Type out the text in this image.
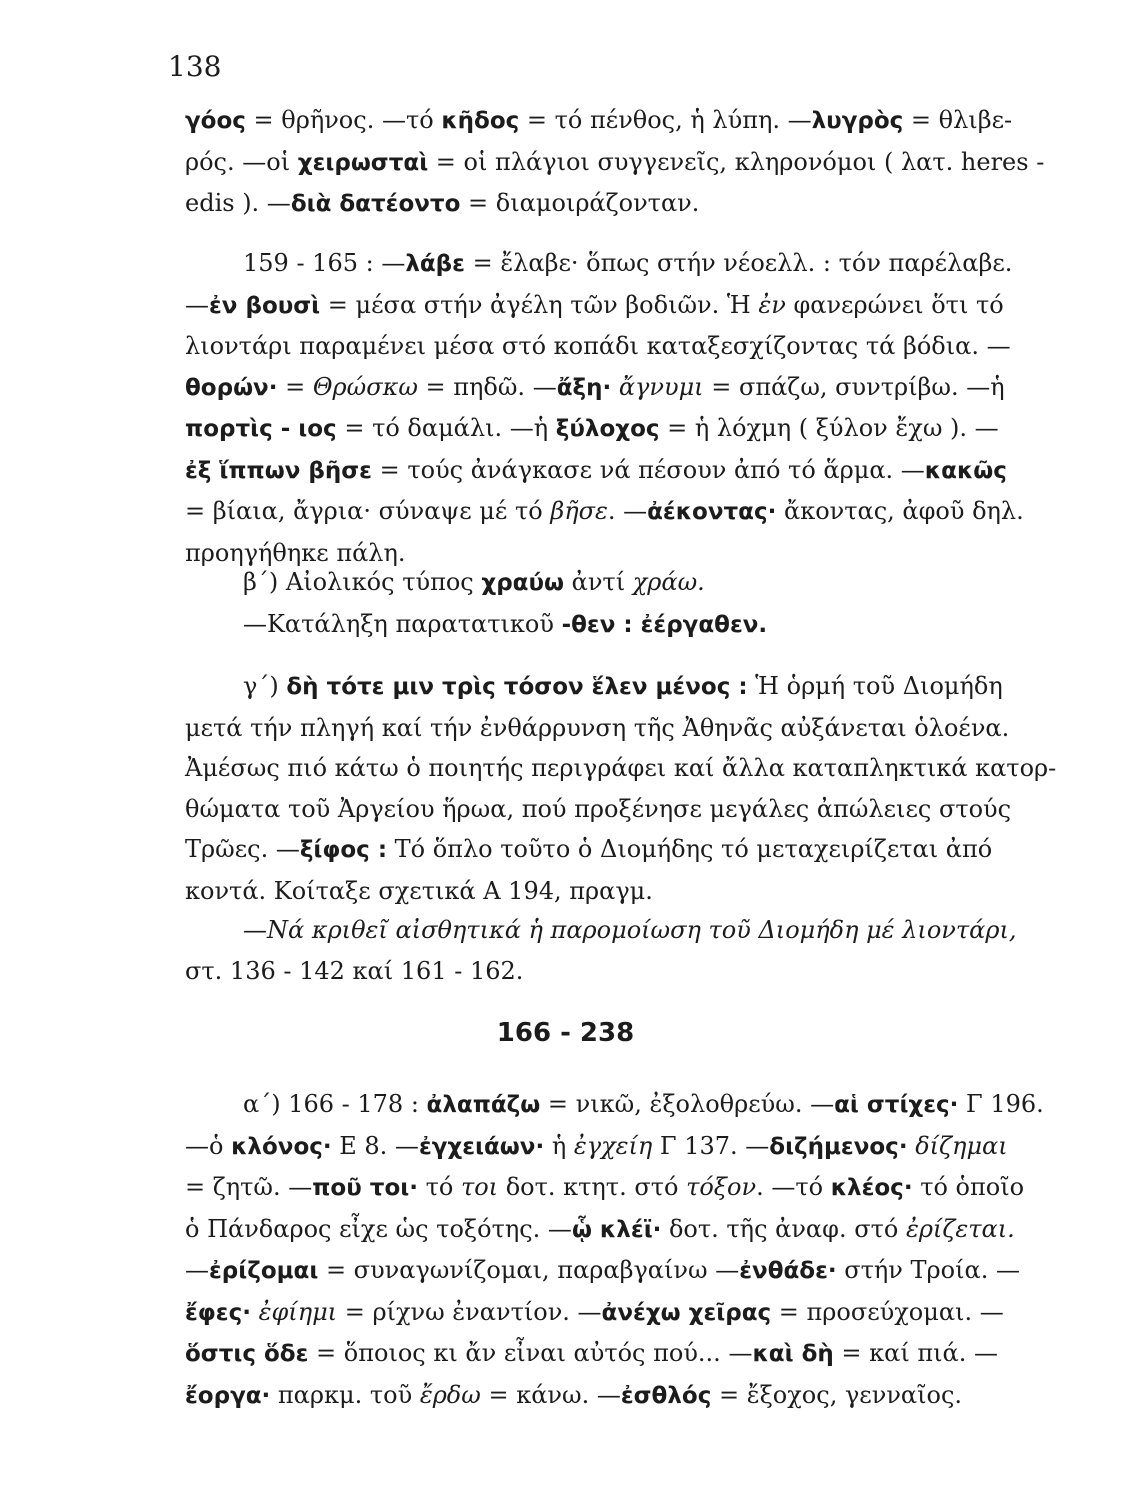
138
γόος = θρῆνος. —τό κῆδος = τό πένθος, ἡ λύπη. —λυγρὸς = θλιβε-
ρός. —οἱ χειρωσταὶ = οἱ πλάγιοι συγγενεῖς, κληρονόμοι ( λατ. heres -
edis ). —διὰ δατέοντο = διαμοιράζονταν.
159 - 165 : —λάβε = ἔλαβε· ὅπως στήν νέοελλ. : τόν παρέλαβε.
—ἐν βουσὶ = μέσα στήν ἀγέλη τῶν βοδιῶν. Ἡ ἐν φανερώνει ὅτι τό
λιοντάρι παραμένει μέσα στό κοπάδι καταξεσχίζοντας τά βόδια. —
θορών· = Θρώσκω = πηδῶ. —ἄξη· ἄγνυμι = σπάζω, συντρίβω. —ἡ
πορτὶς - ιος = τό δαμάλι. —ἡ ξύλοχος = ἡ λόχμη ( ξύλον ἔχω ). —
ἐξ ἵππων βῆσε = τούς ἀνάγκασε νά πέσουν ἀπό τό ἅρμα. —κακῶς
= βίαια, ἄγρια· σύναψε μέ τό βῆσε. —ἀέκοντας· ἄκοντας, ἀφοῦ δηλ.
προηγήθηκε πάλη.
β΄) Αἰολικός τύπος χραύω ἀντί χράω.
—Κατάληξη παρατατικοῦ -θεν : ἐέργαθεν.
γ΄) δὴ τότε μιν τρὶς τόσον ἕλεν μένος : Ἡ ὁρμή τοῦ Διομήδη
μετά τήν πληγή καί τήν ἐνθάρρυνση τῆς Ἀθηνᾶς αὐξάνεται ὁλοένα.
Ἀμέσως πιό κάτω ὁ ποιητής περιγράφει καί ἄλλα καταπληκτικά κατορ-
θώματα τοῦ Ἀργείου ἥρωα, πού προξένησε μεγάλες ἀπώλειες στούς
Τρῶες. —ξίφος : Τό ὅπλο τοῦτο ὁ Διομήδης τό μεταχειρίζεται ἀπό
κοντά. Κοίταξε σχετικά Α 194, πραγμ.
—Νά κριθεῖ αἰσθητικά ἡ παρομοίωση τοῦ Διομήδη μέ λιοντάρι,
στ. 136 - 142 καί 161 - 162.
166 - 238
α΄) 166 - 178 : ἀλαπάζω = νικῶ, ἐξολοθρεύω. —αἱ στίχες· Γ 196.
—ὁ κλόνος· Ε 8. —ἐγχειάων· ἡ ἐγχείη Γ 137. —διζήμενος· δίζημαι
= ζητῶ. —ποῦ τοι· τό τοι δοτ. κτητ. στό τόξον. —τό κλέος· τό ὁποῖο
ὁ Πάνδαρος εἶχε ὡς τοξότης. —ᾧ κλέϊ· δοτ. τῆς ἀναφ. στό ἐρίζεται.
—ἐρίζομαι = συναγωνίζομαι, παραβγαίνω —ἐνθάδε· στήν Τροία. —
ἔφες· ἐφίημι = ρίχνω ἐναντίον. —ἀνέχω χεῖρας = προσεύχομαι. —
ὅστις ὅδε = ὅποιος κι ἄν εἶναι αὐτός πού... —καὶ δὴ = καί πιά. —
ἔοργα· παρκμ. τοῦ ἔρδω = κάνω. —ἐσθλός = ἔξοχος, γενναῖος.
